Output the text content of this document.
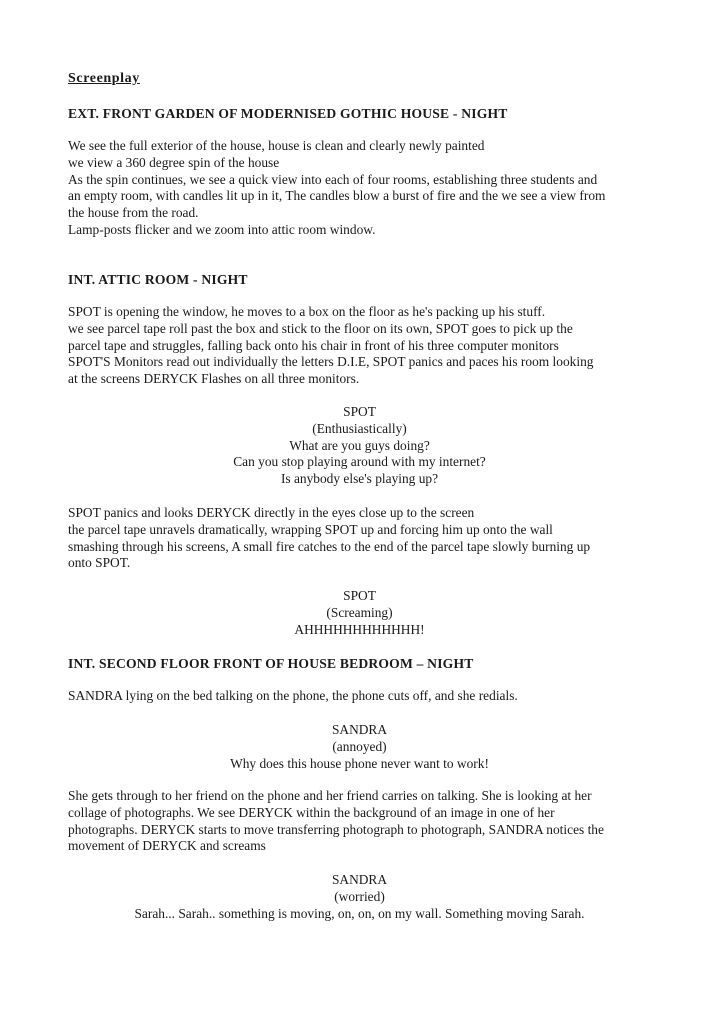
Screenplay
EXT. FRONT GARDEN OF MODERNISED GOTHIC HOUSE - NIGHT
We see the full exterior of the house, house is clean and clearly newly painted
we view a 360 degree spin of the house
As the spin continues, we see a quick view into each of four rooms, establishing three students and
an empty room, with candles lit up in it, The candles blow a burst of fire and the we see a view from
the house from the road.
Lamp-posts flicker and we zoom into attic room window.
INT. ATTIC ROOM - NIGHT
SPOT is opening the window, he moves to a box on the floor as he's packing up his stuff.
we see parcel tape roll past the box and stick to the floor on its own, SPOT goes to pick up the
parcel tape and struggles, falling back onto his chair in front of his three computer monitors
SPOT'S Monitors read out individually the letters D.I.E, SPOT panics and paces his room looking
at the screens DERYCK Flashes on all three monitors.
SPOT
(Enthusiastically)
What are you guys doing?
Can you stop playing around with my internet?
Is anybody else's playing up?
SPOT panics and looks DERYCK directly in the eyes close up to the screen
the parcel tape unravels dramatically, wrapping SPOT up and forcing him up onto the wall
smashing through his screens, A small fire catches to the end of the parcel tape slowly burning up
onto SPOT.
SPOT
(Screaming)
AHHHHHHHHHHHH!
INT. SECOND FLOOR FRONT OF HOUSE BEDROOM – NIGHT
SANDRA lying on the bed talking on the phone, the phone cuts off, and she redials.
SANDRA
(annoyed)
Why does this house phone never want to work!
She gets through to her friend on the phone and her friend carries on talking. She is looking at her
collage of photographs. We see DERYCK within the background of an image in one of her
photographs. DERYCK starts to move transferring photograph to photograph, SANDRA notices the
movement of DERYCK and screams
SANDRA
(worried)
Sarah... Sarah.. something is moving, on, on, on my wall. Something moving Sarah.
